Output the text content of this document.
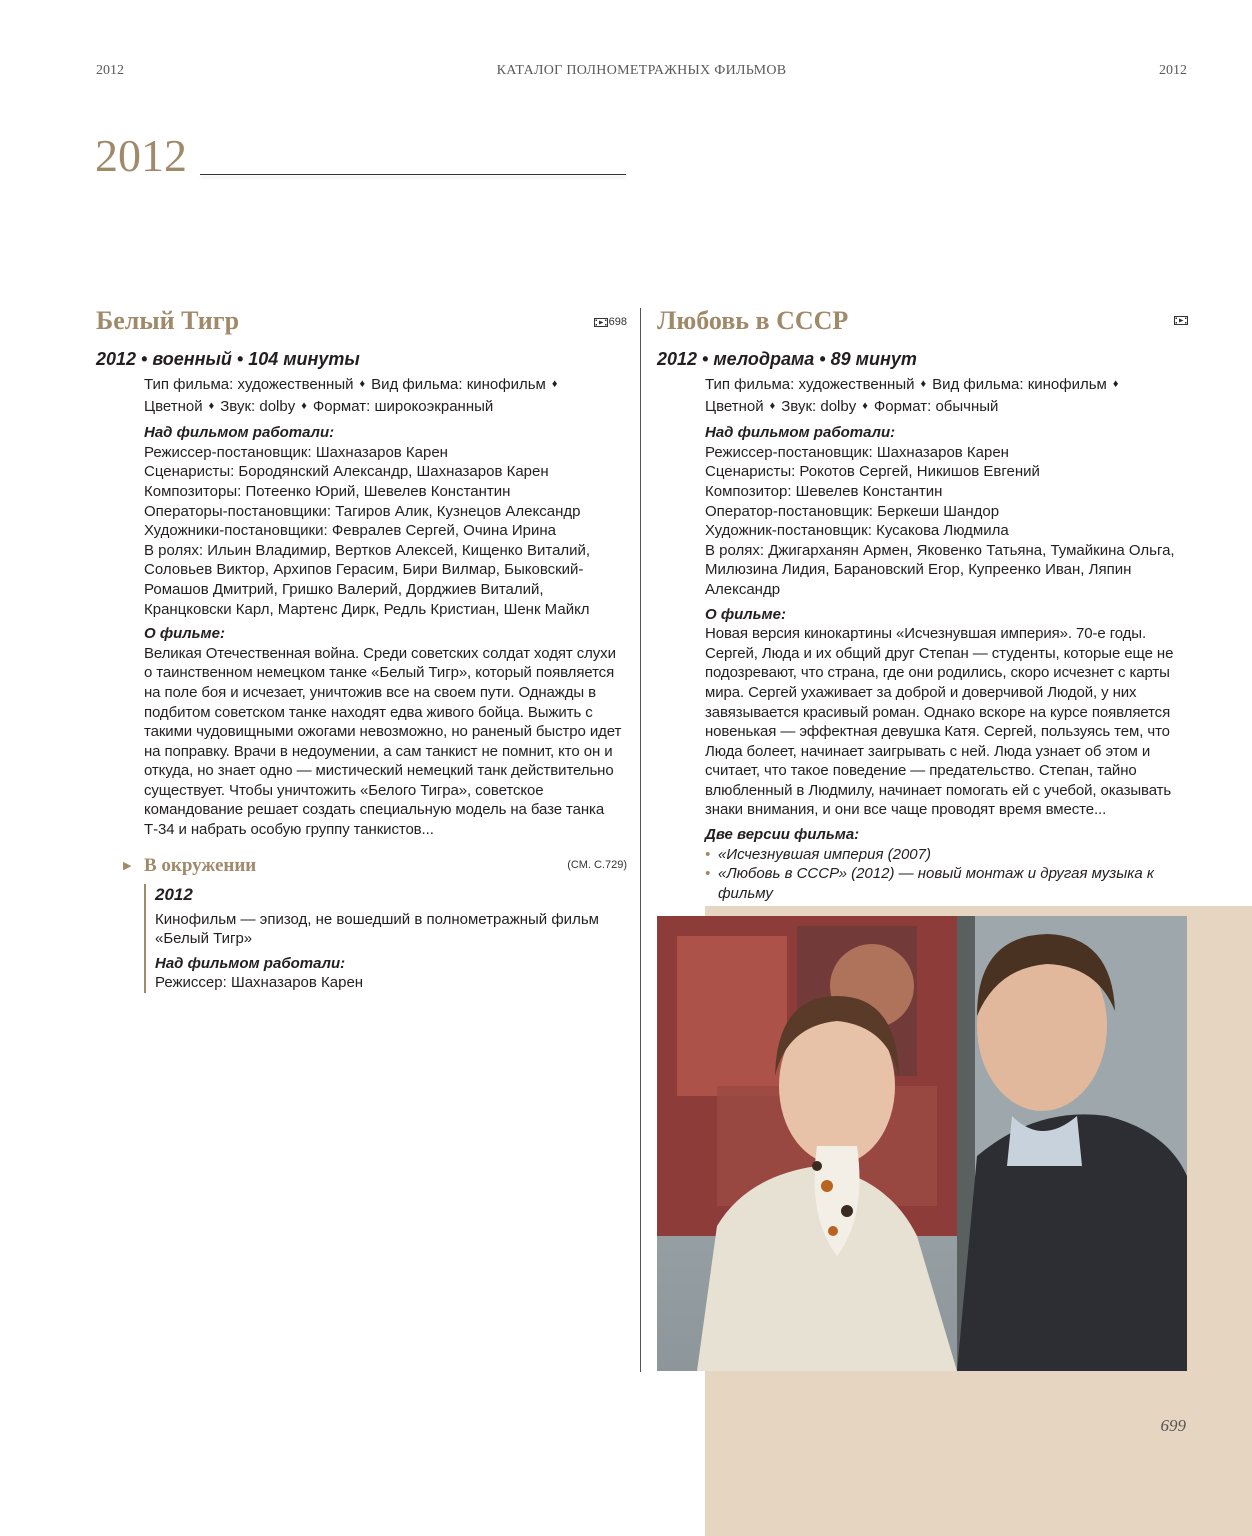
2012	КАТАЛОГ ПОЛНОМЕТРАЖНЫХ ФИЛЬМОВ	2012
2012
Белый Тигр	698
2012 • военный • 104 минуты

Тип фильма: художественный ♦ Вид фильма: кинофильм ♦

Цветной ♦ Звук: dolby ♦ Формат: широкоэкранный

Над фильмом работали:

Режиссер-постановщик: Шахназаров Карен

Сценаристы: Бородянский Александр, Шахназаров Карен

Композиторы: Потеенко Юрий, Шевелев Константин

Операторы-постановщики: Тагиров Алик, Кузнецов Александр

Художники-постановщики: Февралев Сергей, Очина Ирина

В ролях: Ильин Владимир, Вертков Алексей, Кищенко Виталий, Соловьев Виктор, Архипов Герасим, Бири Вилмар, Быковский-Ромашов Дмитрий, Гришко Валерий, Дорджиев Виталий, Кранцковски Карл, Мартенс Дирк, Редль Кристиан, Шенк Майкл

О фильме:

Великая Отечественная война. Среди советских солдат ходят слухи о таинственном немецком танке «Белый Тигр», который появляется на поле боя и исчезает, уничтожив все на своем пути. Однажды в подбитом советском танке находят едва живого бойца. Выжить с такими чудовищными ожогами невозможно, но раненый быстро идет на поправку. Врачи в недоумении, а сам танкист не помнит, кто он и откуда, но знает одно — мистический немецкий танк действительно существует. Чтобы уничтожить «Белого Тигра», советское командование решает создать специальную модель на базе танка Т-34 и набрать особую группу танкистов...

▶ В окружении	(СМ. С.729)

2012

Кинофильм — эпизод, не вошедший в полнометражный фильм «Белый Тигр»

Над фильмом работали:

Режиссер: Шахназаров Карен

Любовь в СССР
2012 • мелодрама • 89 минут

Тип фильма: художественный ♦ Вид фильма: кинофильм ♦

Цветной ♦ Звук: dolby ♦ Формат: обычный

Над фильмом работали:

Режиссер-постановщик: Шахназаров Карен

Сценаристы: Рокотов Сергей, Никишов Евгений

Композитор: Шевелев Константин

Оператор-постановщик: Беркеши Шандор

Художник-постановщик: Кусакова Людмила

В ролях: Джигарханян Армен, Яковенко Татьяна, Тумайкина Ольга, Милюзина Лидия, Барановский Егор, Купреенко Иван, Ляпин Александр

О фильме:

Новая версия кинокартины «Исчезнувшая империя». 70-е годы. Сергей, Люда и их общий друг Степан — студенты, которые еще не подозревают, что страна, где они родились, скоро исчезнет с карты мира. Сергей ухаживает за доброй и доверчивой Людой, у них завязывается красивый роман. Однако вскоре на курсе появляется новенькая — эффектная девушка Катя. Сергей, пользуясь тем, что Люда болеет, начинает заигрывать с ней. Люда узнает об этом и считает, что такое поведение — предательство. Степан, тайно влюбленный в Людмилу, начинает помогать ей с учебой, оказывать знаки внимания, и они все чаще проводят время вместе...

Две версии фильма:

• «Исчезнувшая империя (2007)
• «Любовь в СССР» (2012) — новый монтаж и другая музыка к фильму
699
